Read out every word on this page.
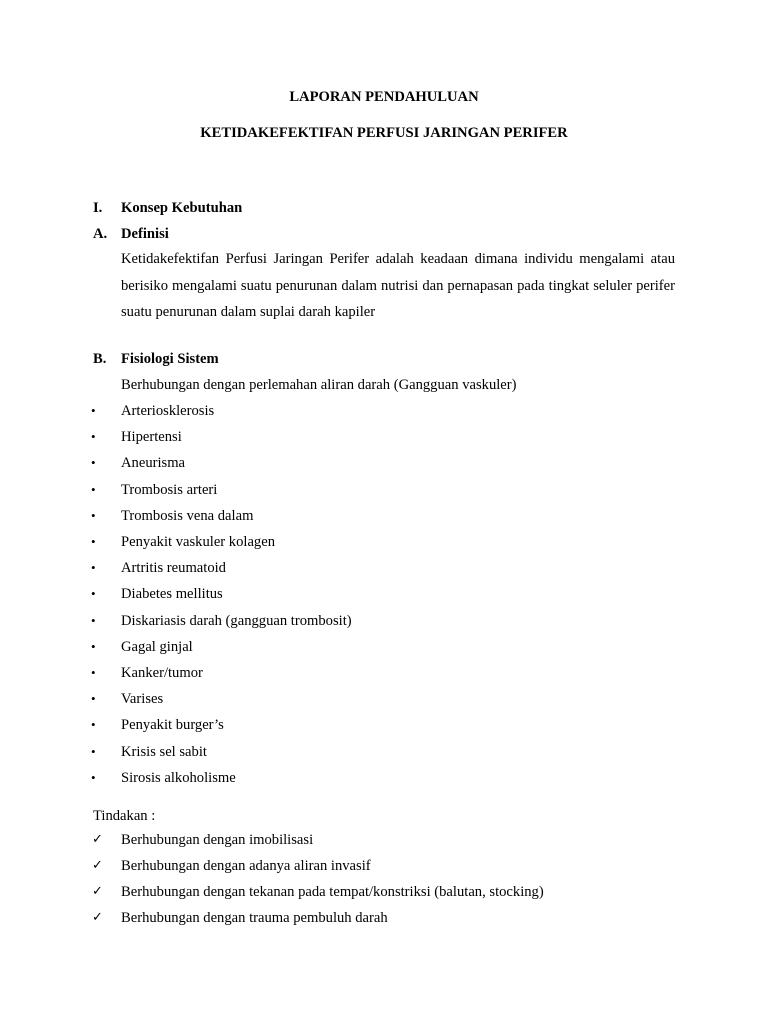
LAPORAN PENDAHULUAN
KETIDAKEFEKTIFAN PERFUSI JARINGAN PERIFER
I. Konsep Kebutuhan
A. Definisi
Ketidakefektifan Perfusi Jaringan Perifer adalah keadaan dimana individu mengalami atau berisiko mengalami suatu penurunan dalam nutrisi dan pernapasan pada tingkat seluler perifer suatu penurunan dalam suplai darah kapiler
B. Fisiologi Sistem
Berhubungan dengan perlemahan aliran darah (Gangguan vaskuler)
• Arteriosklerosis
• Hipertensi
• Aneurisma
• Trombosis arteri
• Trombosis vena dalam
• Penyakit vaskuler kolagen
• Artritis reumatoid
• Diabetes mellitus
• Diskariasis darah (gangguan trombosit)
• Gagal ginjal
• Kanker/tumor
• Varises
• Penyakit burger’s
• Krisis sel sabit
• Sirosis alkoholisme
Tindakan :
✓ Berhubungan dengan imobilisasi
✓ Berhubungan dengan adanya aliran invasif
✓ Berhubungan dengan tekanan pada tempat/konstriksi (balutan, stocking)
✓ Berhubungan dengan trauma pembuluh darah
